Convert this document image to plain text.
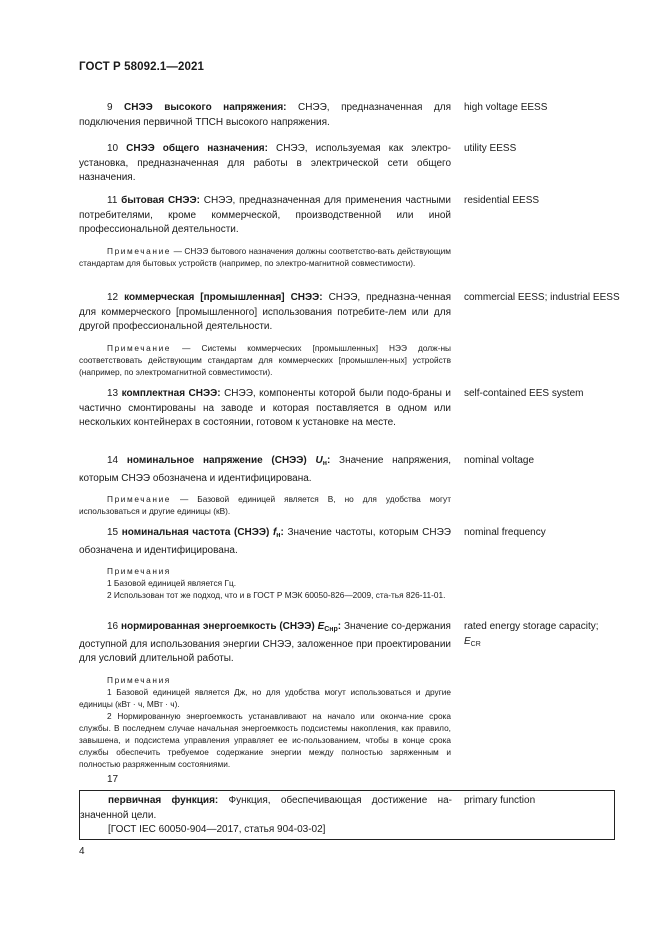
ГОСТ Р 58092.1—2021

9 СНЭЭ высокого напряжения: СНЭЭ, предназначенная для подключения первичной ТПСН высокого напряжения.

high voltage EESS

10 СНЭЭ общего назначения: СНЭЭ, используемая как электро-установка, предназначенная для работы в электрической сети общего назначения.

utility EESS

11 бытовая СНЭЭ: СНЭЭ, предназначенная для применения частными потребителями, кроме коммерческой, производственной или иной профессиональной деятельности.

Примечание — СНЭЭ бытового назначения должны соответство-вать действующим стандартам для бытовых устройств (например, по электро-магнитной совместимости).

residential EESS

12 коммерческая [промышленная] СНЭЭ: СНЭЭ, предназна-ченная для коммерческого [промышленного] использования потребите-лем или для другой профессиональной деятельности.

Примечание — Системы коммерческих [промышленных] НЭЭ долж-ны соответствовать действующим стандартам для коммерческих [промышлен-ных] устройств (например, по электромагнитной совместимости).

commercial EESS; industrial EESS

13 комплектная СНЭЭ: СНЭЭ, компоненты которой были подо-браны и частично смонтированы на заводе и которая поставляется в одном или нескольких контейнерах в состоянии, готовом к установке на месте.

self-contained EES system

14 номинальное напряжение (СНЭЭ) $U_н$: Значение напряжения, которым СНЭЭ обозначена и идентифицирована.

Примечание — Базовой единицей является В, но для удобства могут использоваться и другие единицы (кВ).

nominal voltage

15 номинальная частота (СНЭЭ) $f_н$: Значение частоты, которым СНЭЭ обозначена и идентифицирована.

Примечания

1 Базовой единицей является Гц.

2 Использован тот же подход, что и в ГОСТ Р МЭК 60050-826—2009, ста-тья 826-11-01.

nominal frequency

16 нормированная энергоемкость (СНЭЭ) $E_{Снр}$: Значение со-держания доступной для использования энергии СНЭЭ, заложенное при проектировании для условий длительной работы.

Примечания

1 Базовой единицей является Дж, но для удобства могут использоваться и другие единицы (кВт · ч, МВт · ч).

2 Нормированную энергоемкость устанавливают на начало или оконча-ние срока службы. В последнем случае начальная энергоемкость подсистемы накопления, как правило, завышена, и подсистема управления управляет ее ис-пользованием, чтобы в конце срока службы обеспечить требуемое содержание энергии между полностью заряженным и полностью разряженным состояниями.

rated energy storage capacity;
$E_{CR}$
17

первичная функция: Функция, обеспечивающая достижение на-значенной цели.

[ГОСТ IEC 60050-904—2017, статья 904-03-02]

primary function
4
